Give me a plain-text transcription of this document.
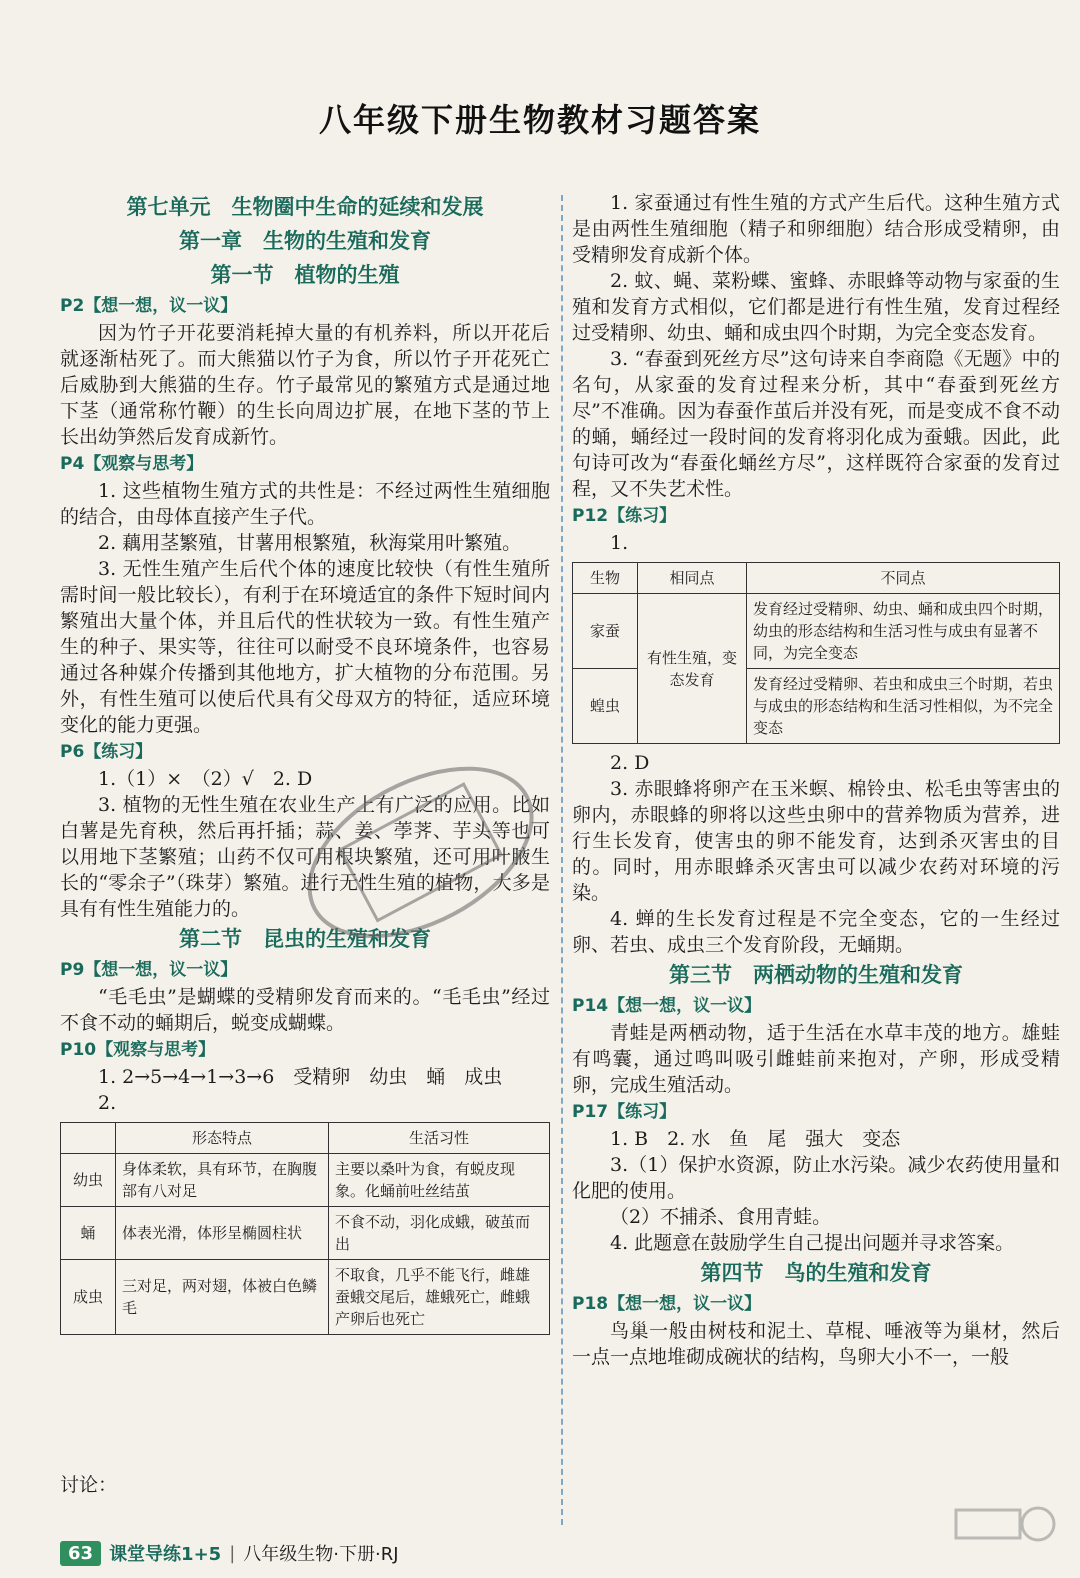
八年级下册生物教材习题答案
第七单元　生物圈中生命的延续和发展
第一章　生物的生殖和发育
第一节　植物的生殖
P2【想一想，议一议】

因为竹子开花要消耗掉大量的有机养料，所以开花后就逐渐枯死了。而大熊猫以竹子为食，所以竹子开花死亡后威胁到大熊猫的生存。竹子最常见的繁殖方式是通过地下茎（通常称竹鞭）的生长向周边扩展，在地下茎的节上长出幼笋然后发育成新竹。

P4【观察与思考】

1. 这些植物生殖方式的共性是：不经过两性生殖细胞的结合，由母体直接产生子代。

2. 藕用茎繁殖，甘薯用根繁殖，秋海棠用叶繁殖。

3. 无性生殖产生后代个体的速度比较快（有性生殖所需时间一般比较长），有利于在环境适宜的条件下短时间内繁殖出大量个体，并且后代的性状较为一致。有性生殖产生的种子、果实等，往往可以耐受不良环境条件，也容易通过各种媒介传播到其他地方，扩大植物的分布范围。另外，有性生殖可以使后代具有父母双方的特征，适应环境变化的能力更强。

P6【练习】

1.（1）×　（2）√　2. D

3. 植物的无性生殖在农业生产上有广泛的应用。比如白薯是先育秧，然后再扦插；蒜、姜、荸荠、芋头等也可以用地下茎繁殖；山药不仅可用根块繁殖，还可用叶腋生长的“零余子”（珠芽）繁殖。进行无性生殖的植物，大多是具有有性生殖能力的。

第二节　昆虫的生殖和发育
P9【想一想，议一议】

“毛毛虫”是蝴蝶的受精卵发育而来的。“毛毛虫”经过不食不动的蛹期后，蜕变成蝴蝶。

P10【观察与思考】

1. 2→5→4→1→3→6　受精卵　幼虫　蛹　成虫

2.

	形态特点	生活习性
幼虫	身体柔软，具有环节，在胸腹部有八对足	主要以桑叶为食，有蜕皮现象。化蛹前吐丝结茧
蛹	体表光滑，体形呈椭圆柱状	不食不动，羽化成蛾，破茧而出
成虫	三对足，两对翅，体被白色鳞毛	不取食，几乎不能飞行，雌雄蚕蛾交尾后，雄蛾死亡，雌蛾产卵后也死亡
讨论：

1. 家蚕通过有性生殖的方式产生后代。这种生殖方式是由两性生殖细胞（精子和卵细胞）结合形成受精卵，由受精卵发育成新个体。

2. 蚊、蝇、菜粉蝶、蜜蜂、赤眼蜂等动物与家蚕的生殖和发育方式相似，它们都是进行有性生殖，发育过程经过受精卵、幼虫、蛹和成虫四个时期，为完全变态发育。

3. “春蚕到死丝方尽”这句诗来自李商隐《无题》中的名句，从家蚕的发育过程来分析，其中“春蚕到死丝方尽”不准确。因为春蚕作茧后并没有死，而是变成不食不动的蛹，蛹经过一段时间的发育将羽化成为蚕蛾。因此，此句诗可改为“春蚕化蛹丝方尽”，这样既符合家蚕的发育过程，又不失艺术性。

P12【练习】

1.

生物	相同点	不同点
家蚕	有性生殖，变态发育	发育经过受精卵、幼虫、蛹和成虫四个时期，幼虫的形态结构和生活习性与成虫有显著不同，为完全变态
蝗虫		发育经过受精卵、若虫和成虫三个时期，若虫与成虫的形态结构和生活习性相似，为不完全变态

2. D

3. 赤眼蜂将卵产在玉米螟、棉铃虫、松毛虫等害虫的卵内，赤眼蜂的卵将以这些虫卵中的营养物质为营养，进行生长发育，使害虫的卵不能发育，达到杀灭害虫的目的。同时，用赤眼蜂杀灭害虫可以减少农药对环境的污染。

4. 蝉的生长发育过程是不完全变态，它的一生经过卵、若虫、成虫三个发育阶段，无蛹期。

第三节　两栖动物的生殖和发育
P14【想一想，议一议】

青蛙是两栖动物，适于生活在水草丰茂的地方。雄蛙有鸣囊，通过鸣叫吸引雌蛙前来抱对，产卵，形成受精卵，完成生殖活动。

P17【练习】

1. B　2. 水　鱼　尾　强大　变态

3.（1）保护水资源，防止水污染。减少农药使用量和化肥的使用。

（2）不捕杀、食用青蛙。

4. 此题意在鼓励学生自己提出问题并寻求答案。

第四节　鸟的生殖和发育
P18【想一想，议一议】

鸟巢一般由树枝和泥土、草棍、唾液等为巢材，然后一点一点地堆砌成碗状的结构，鸟卵大小不一，一般

63 课堂导练1+5 | 八年级生物·下册·RJ
